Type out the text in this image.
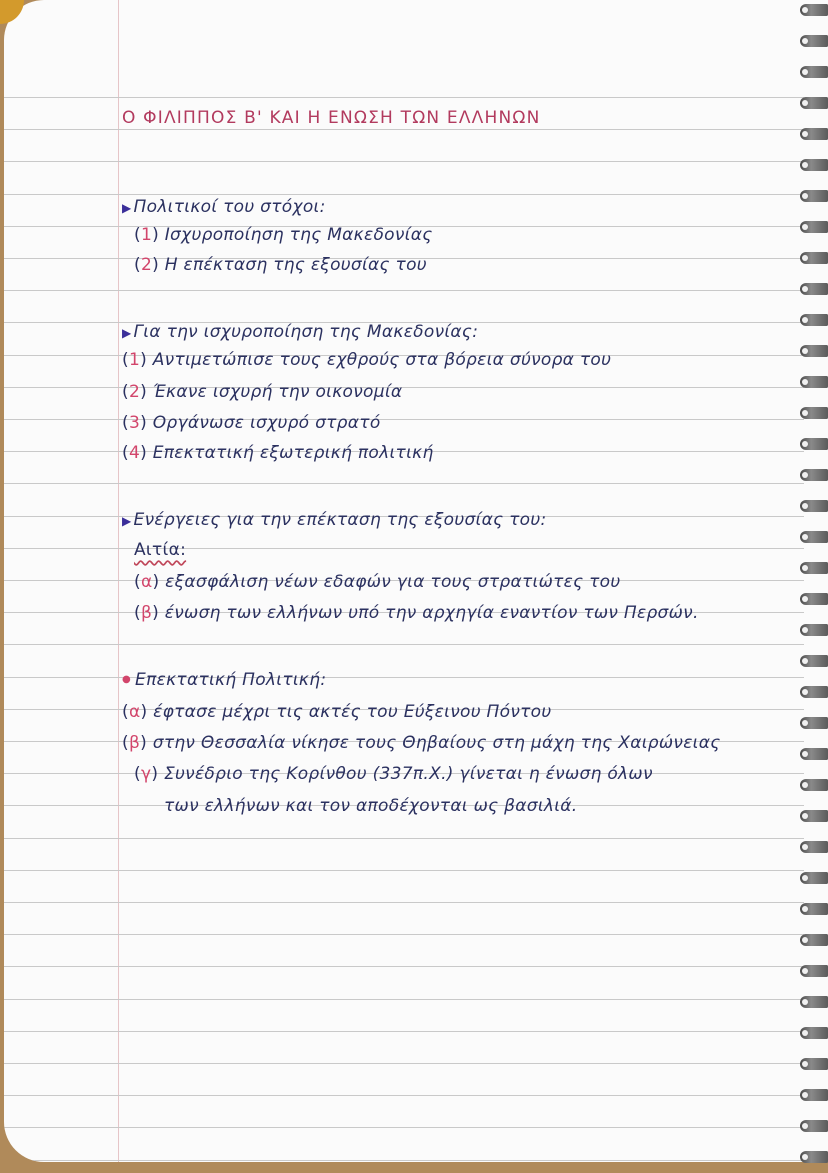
Ο ΦΙΛΙΠΠΟΣ Β' ΚΑΙ Η ΕΝΩΣΗ ΤΩΝ ΕΛΛΗΝΩΝ
▶ Πολιτικοί του στόχοι:
(1) Ισχυροποίηση της Μακεδονίας
(2) Η επέκταση της εξουσίας του
▶ Για την ισχυροποίηση της Μακεδονίας:
(1) Αντιμετώπισε τους εχθρούς στα βόρεια σύνορα του
(2) Έκανε ισχυρή την οικονομία
(3) Οργάνωσε ισχυρό στρατό
(4) Επεκτατική εξωτερική πολιτική
▶ Ενέργειες για την επέκταση της εξουσίας του:
Αιτία:
(α) εξασφάλιση νέων εδαφών για τους στρατιώτες του
(β) ένωση των ελλήνων υπό την αρχηγία εναντίον των Περσών.
● Επεκτατική Πολιτική:
(α) έφτασε μέχρι τις ακτές του Εύξεινου Πόντου
(β) στην Θεσσαλία νίκησε τους Θηβαίους στη μάχη της Χαιρώνειας
(γ) Συνέδριο της Κορίνθου (337π.Χ.) γίνεται η ένωση όλων
των ελλήνων και τον αποδέχονται ως βασιλιά.
